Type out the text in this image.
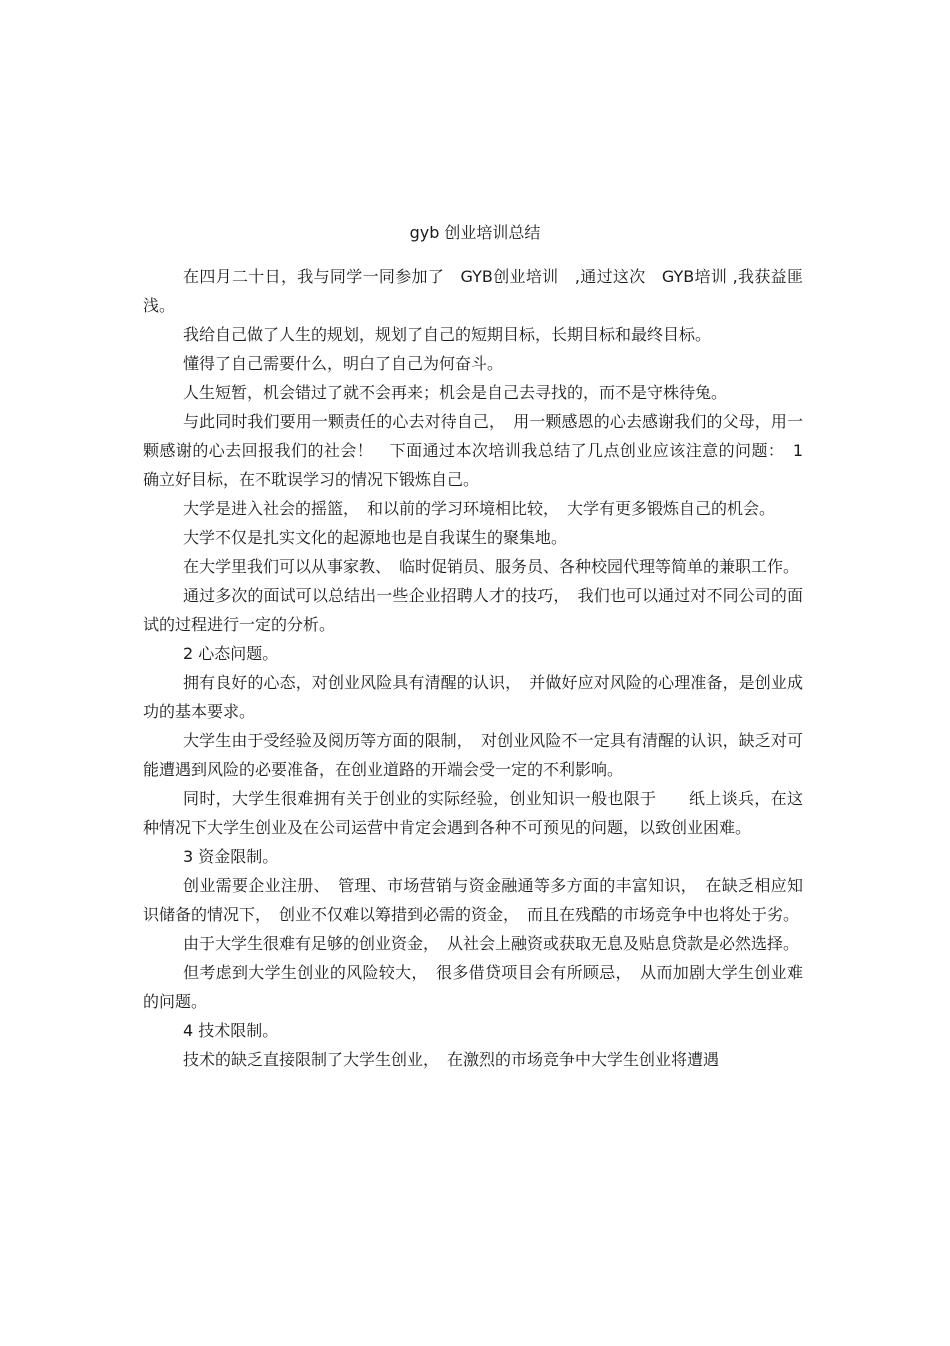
gyb 创业培训总结

在四月二十日，我与同学一同参加了　GYB创业培训　,通过这次　GYB培训 ,我获益匪浅。

我给自己做了人生的规划，规划了自己的短期目标，长期目标和最终目标。

懂得了自己需要什么，明白了自己为何奋斗。

人生短暂，机会错过了就不会再来；机会是自己去寻找的，而不是守株待兔。

与此同时我们要用一颗责任的心去对待自己，　用一颗感恩的心去感谢我们的父母，用一颗感谢的心去回报我们的社会！　下面通过本次培训我总结了几点创业应该注意的问题：　1 确立好目标，在不耽误学习的情况下锻炼自己。

大学是进入社会的摇篮，　和以前的学习环境相比较，　大学有更多锻炼自己的机会。

大学不仅是扎实文化的起源地也是自我谋生的聚集地。

在大学里我们可以从事家教、　临时促销员、服务员、各种校园代理等简单的兼职工作。

通过多次的面试可以总结出一些企业招聘人才的技巧，　我们也可以通过对不同公司的面试的过程进行一定的分析。

2 心态问题。

拥有良好的心态，对创业风险具有清醒的认识，　并做好应对风险的心理准备，是创业成功的基本要求。

大学生由于受经验及阅历等方面的限制，　对创业风险不一定具有清醒的认识，缺乏对可能遭遇到风险的必要准备，在创业道路的开端会受一定的不利影响。

同时，大学生很难拥有关于创业的实际经验，创业知识一般也限于　　纸上谈兵，在这种情况下大学生创业及在公司运营中肯定会遇到各种不可预见的问题，以致创业困难。

3 资金限制。

创业需要企业注册、　管理、市场营销与资金融通等多方面的丰富知识，　在缺乏相应知识储备的情况下，　创业不仅难以筹措到必需的资金，　而且在残酷的市场竞争中也将处于劣。

由于大学生很难有足够的创业资金，　从社会上融资或获取无息及贴息贷款是必然选择。

但考虑到大学生创业的风险较大，　很多借贷项目会有所顾忌，　从而加剧大学生创业难的问题。

4 技术限制。

技术的缺乏直接限制了大学生创业，　在激烈的市场竞争中大学生创业将遭遇
